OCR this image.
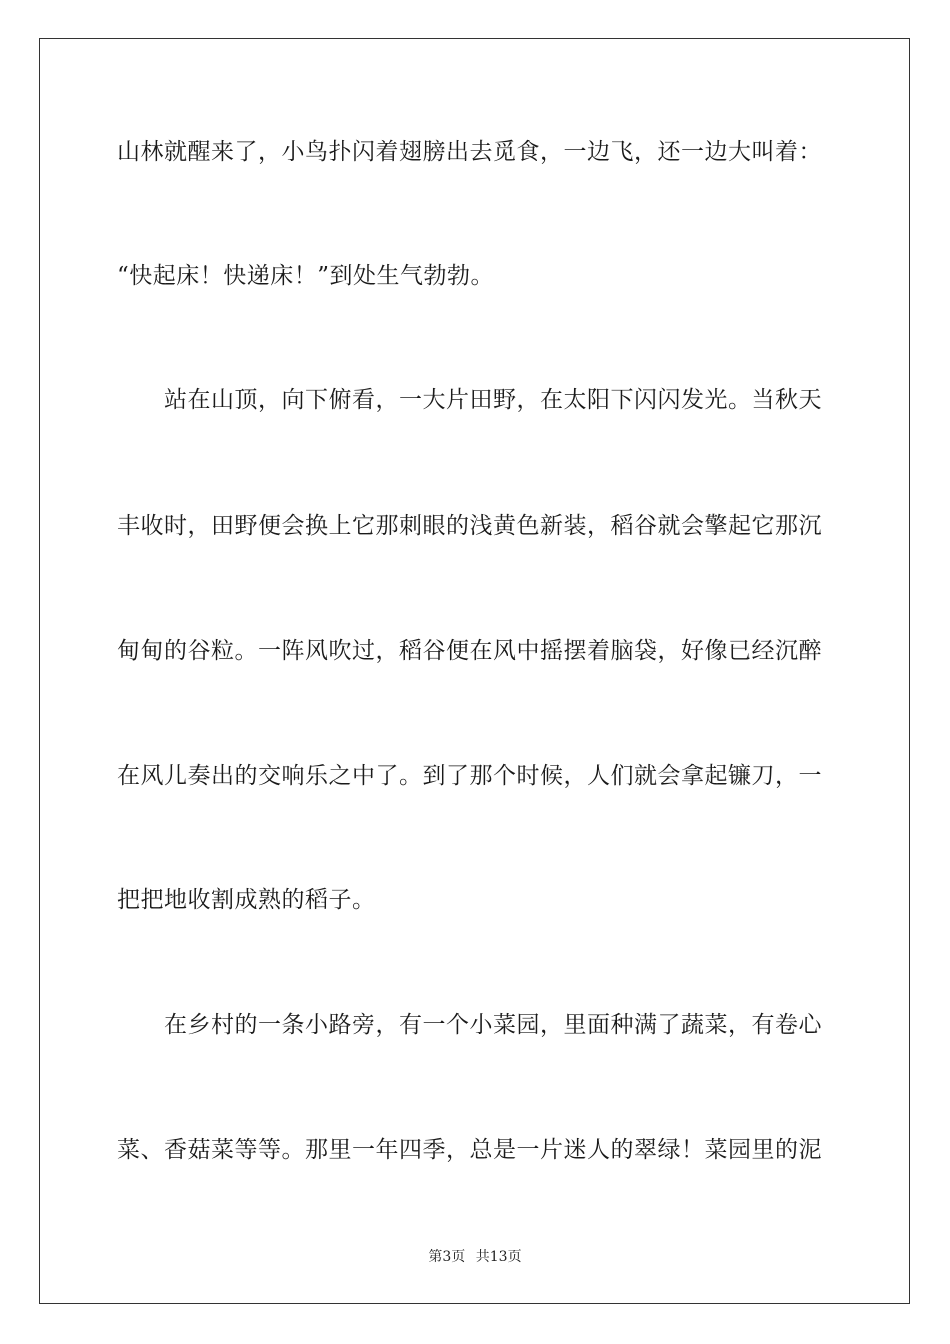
山林就醒来了，小鸟扑闪着翅膀出去觅食，一边飞，还一边大叫着：
“快起床！快递床！”到处生气勃勃。
　　站在山顶，向下俯看，一大片田野，在太阳下闪闪发光。当秋天
丰收时，田野便会换上它那刺眼的浅黄色新装，稻谷就会擎起它那沉
甸甸的谷粒。一阵风吹过，稻谷便在风中摇摆着脑袋，好像已经沉醉
在风儿奏出的交响乐之中了。到了那个时候，人们就会拿起镰刀，一
把把地收割成熟的稻子。
　　在乡村的一条小路旁，有一个小菜园，里面种满了蔬菜，有卷心
菜、香菇菜等等。那里一年四季，总是一片迷人的翠绿！菜园里的泥
第3页 共13页
